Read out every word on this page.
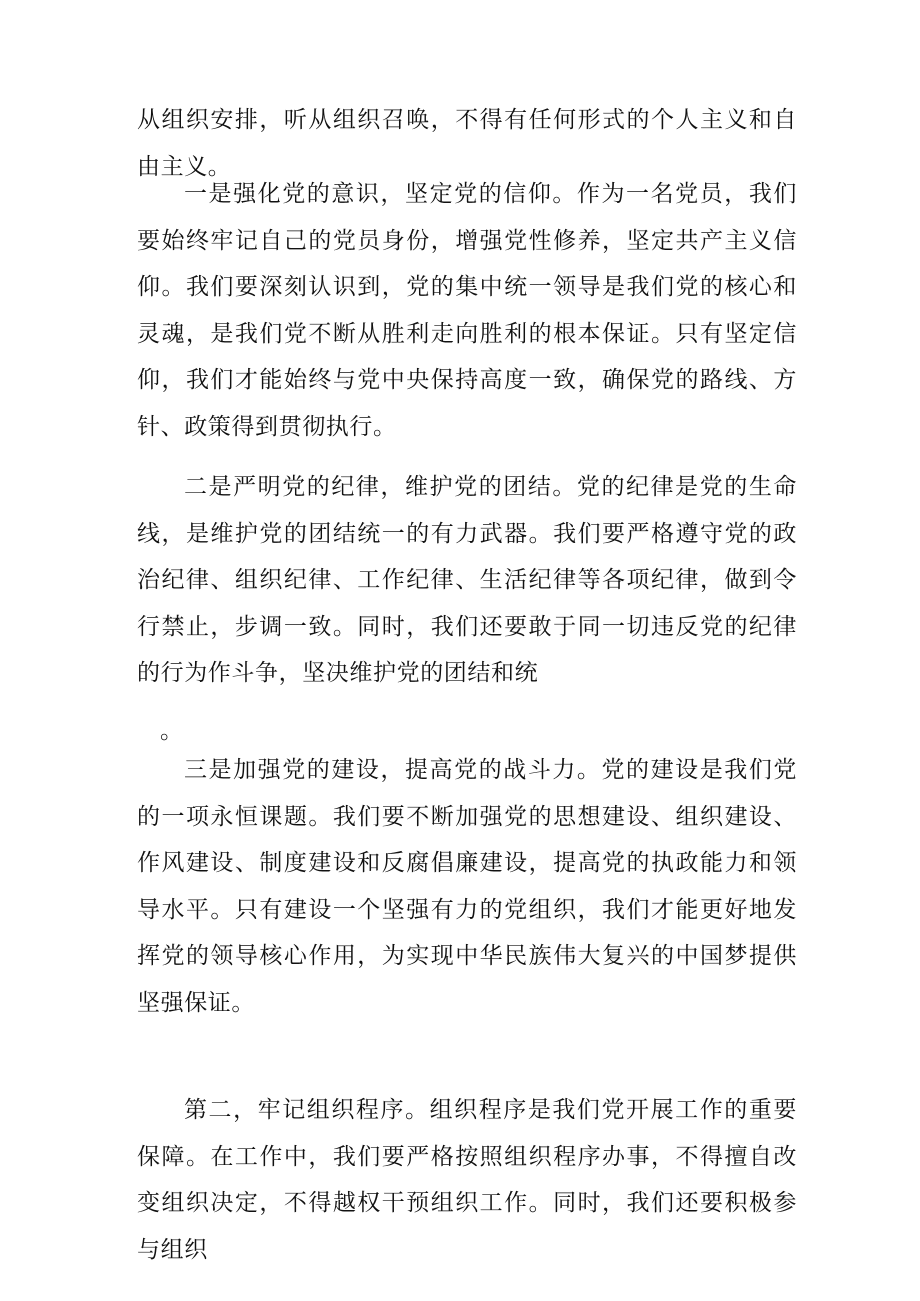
从组织安排，听从组织召唤，不得有任何形式的个人主义和自由主义。

一是强化党的意识，坚定党的信仰。作为一名党员，我们要始终牢记自己的党员身份，增强党性修养，坚定共产主义信仰。我们要深刻认识到，党的集中统一领导是我们党的核心和灵魂，是我们党不断从胜利走向胜利的根本保证。只有坚定信仰，我们才能始终与党中央保持高度一致，确保党的路线、方针、政策得到贯彻执行。

二是严明党的纪律，维护党的团结。党的纪律是党的生命线，是维护党的团结统一的有力武器。我们要严格遵守党的政治纪律、组织纪律、工作纪律、生活纪律等各项纪律，做到令行禁止，步调一致。同时，我们还要敢于同一切违反党的纪律的行为作斗争，坚决维护党的团结和统

。

三是加强党的建设，提高党的战斗力。党的建设是我们党的一项永恒课题。我们要不断加强党的思想建设、组织建设、作风建设、制度建设和反腐倡廉建设，提高党的执政能力和领导水平。只有建设一个坚强有力的党组织，我们才能更好地发挥党的领导核心作用，为实现中华民族伟大复兴的中国梦提供坚强保证。

第二，牢记组织程序。组织程序是我们党开展工作的重要保障。在工作中，我们要严格按照组织程序办事，不得擅自改变组织决定，不得越权干预组织工作。同时，我们还要积极参与组织
